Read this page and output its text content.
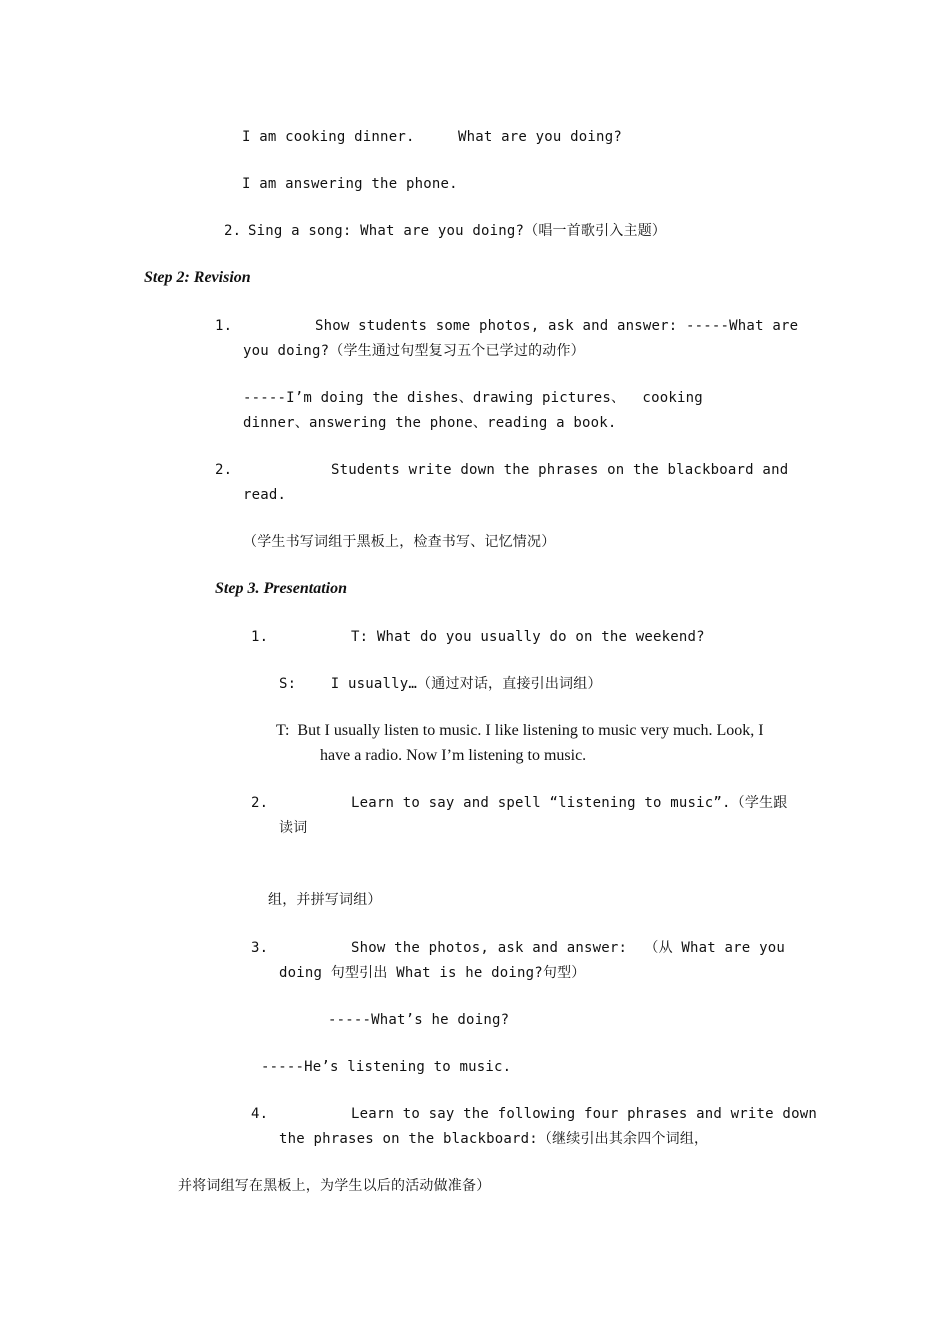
I am cooking dinner.	What are you doing?
I am answering the phone.
2. Sing a song: What are you doing?（唱一首歌引入主题）
Step 2: Revision
1.	Show students some photos, ask and answer: -----What are
you doing?（学生通过句型复习五个已学过的动作）
-----I’m doing the dishes、drawing pictures、  cooking
dinner、answering the phone、reading a book.
2.	Students write down the phrases on the blackboard and
read.
（学生书写词组于黑板上，检查书写、记忆情况）
Step 3. Presentation
1.	T: What do you usually do on the weekend?
S:    I usually…（通过对话，直接引出词组）
T:  But I usually listen to music. I like listening to music very much. Look, I
have a radio. Now I’m listening to music.
2.	Learn to say and spell “listening to music”.（学生跟
读词
组，并拼写词组）
3.	Show the photos, ask and answer:  （从 What are you
doing 句型引出 What is he doing?句型）
-----What’s he doing?
-----He’s listening to music.
4.	Learn to say the following four phrases and write down
the phrases on the blackboard:（继续引出其余四个词组，
并将词组写在黑板上，为学生以后的活动做准备）
